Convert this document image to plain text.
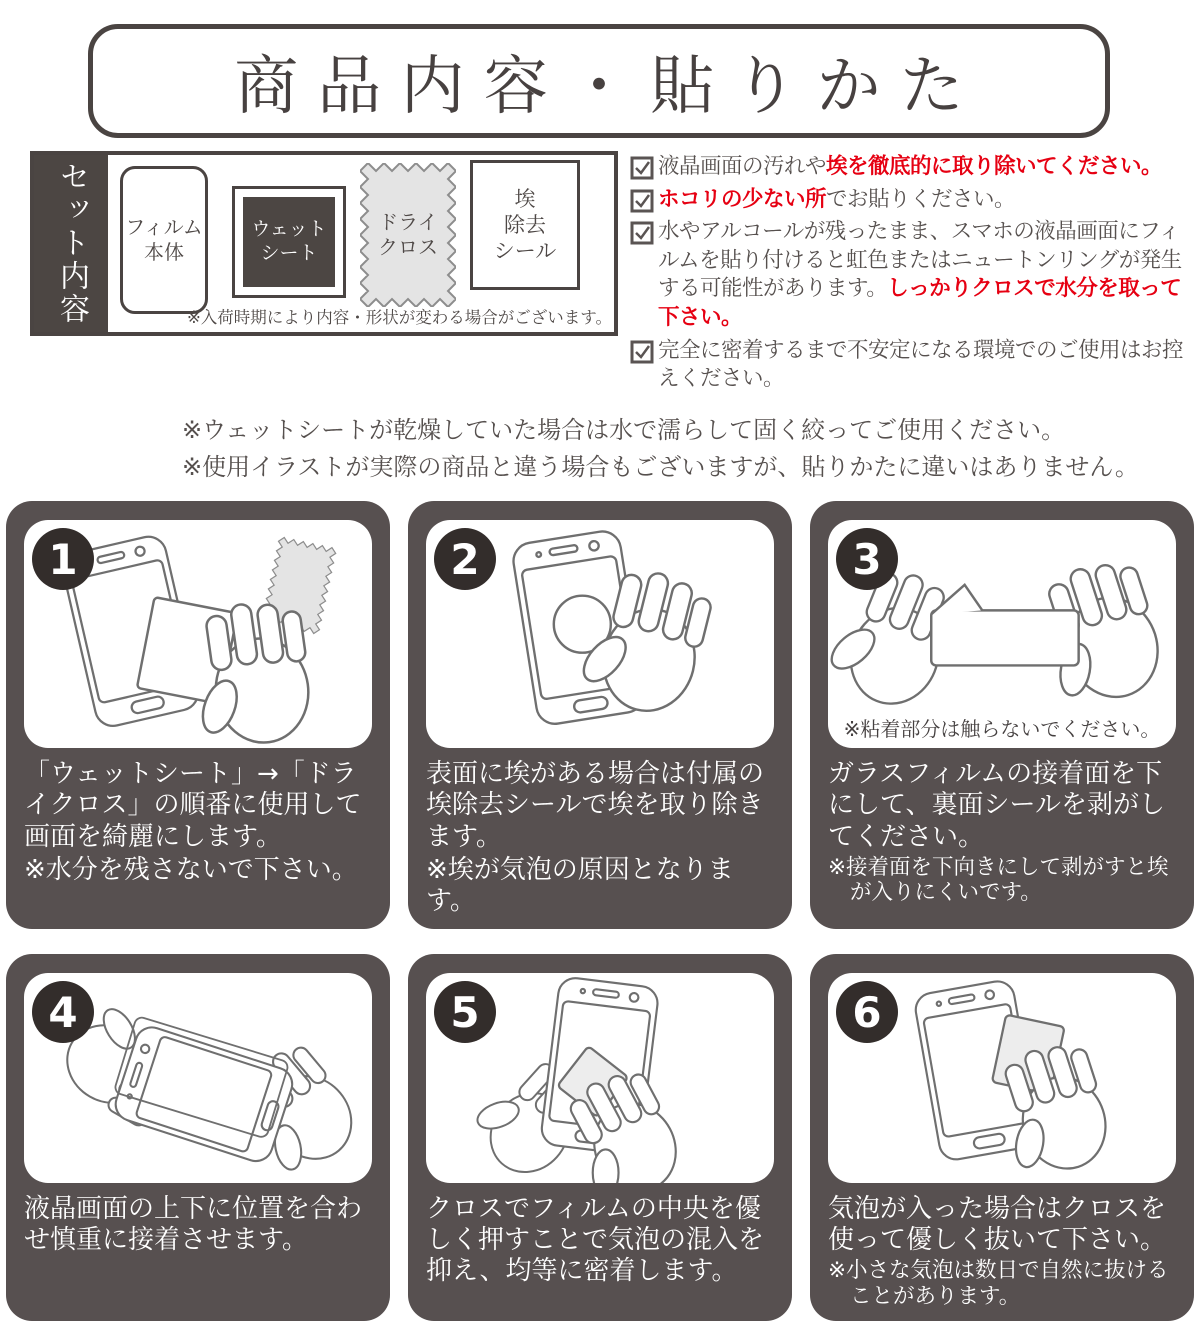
商品内容・貼りかた
セット内容	フィルム
本体
ウェット
シート
ドライ
クロス
埃
除去
シール
※入荷時期により内容・形状が変わる場合がございます。
液晶画面の汚れや埃を徹底的に取り除いてください。
ホコリの少ない所でお貼りください。
水やアルコールが残ったまま、スマホの液晶画面にフィルムを貼り付けると虹色またはニュートンリングが発生する可能性があります。しっかりクロスで水分を取って下さい。
完全に密着するまで不安定になる環境でのご使用はお控えください。
※ウェットシートが乾燥していた場合は水で濡らして固く絞ってご使用ください。
※使用イラストが実際の商品と違う場合もございますが、貼りかたに違いはありません。
1
「ウェットシート」→「ドライクロス」の順番に使用して画面を綺麗にします。
※水分を残さないで下さい。
2
表面に埃がある場合は付属の埃除去シールで埃を取り除きます。
※埃が気泡の原因となります。
3
※粘着部分は触らないでください。
ガラスフィルムの接着面を下にして、裏面シールを剥がしてください。
※接着面を下向きにして剥がすと埃が入りにくいです。
4
液晶画面の上下に位置を合わせ慎重に接着させます。
5
クロスでフィルムの中央を優しく押すことで気泡の混入を抑え、均等に密着します。
6
気泡が入った場合はクロスを使って優しく抜いて下さい。
※小さな気泡は数日で自然に抜けることがあります。
